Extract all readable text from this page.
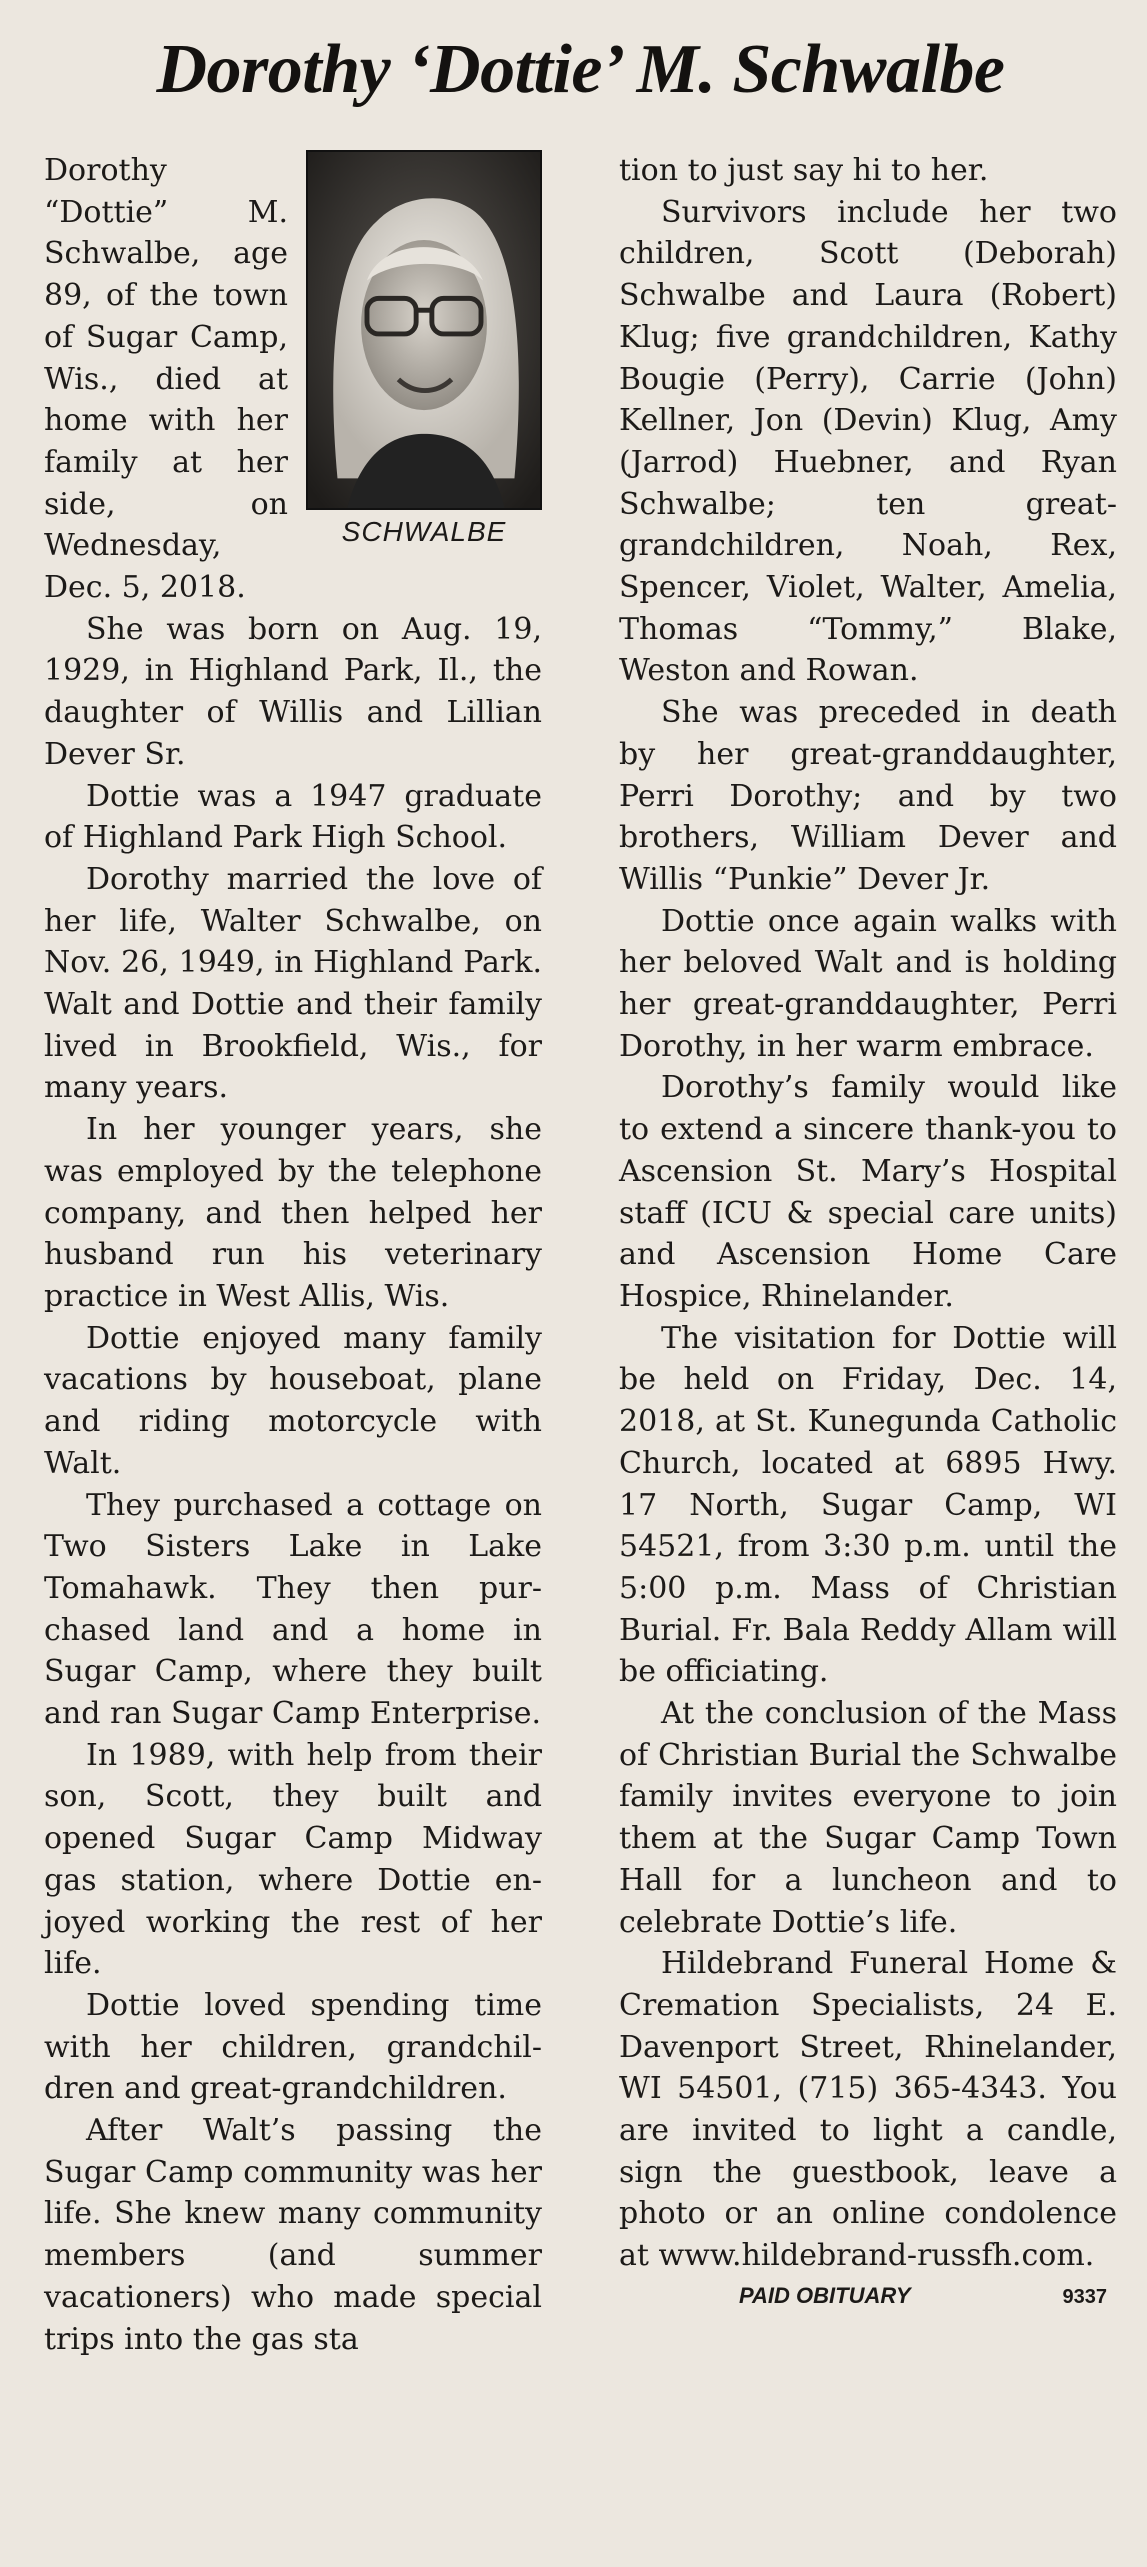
Dorothy ‘Dottie’ M. Schwalbe
SCHWALBE

Dorothy “Dottie” M. Schwalbe, age 89, of the town of Sugar Camp, Wis., died at home with her family at her side, on Wednesday, Dec. 5, 2018.

She was born on Aug. 19, 1929, in Highland Park, Il., the daughter of Willis and Lillian Dever Sr.

Dottie was a 1947 graduate of Highland Park High School.

Dorothy married the love of her life, Walter Schwalbe, on Nov. 26, 1949, in Highland Park. Walt and Dottie and their family lived in Brookfield, Wis., for many years.

In her younger years, she was employed by the telephone company, and then helped her husband run his veterinary practice in West Allis, Wis.

Dottie enjoyed many family vacations by houseboat, plane and riding motorcycle with Walt.

They purchased a cottage on Two Sisters Lake in Lake Tomahawk. They then purchased land and a home in Sugar Camp, where they built and ran Sugar Camp Enterprise.

In 1989, with help from their son, Scott, they built and opened Sugar Camp Midway gas station, where Dottie enjoyed working the rest of her life.

Dottie loved spending time with her children, grandchildren and great-grandchildren.

After Walt’s passing the Sugar Camp community was her life. She knew many community members (and summer vacationers) who made special trips into the gas sta

tion to just say hi to her.

Survivors include her two children, Scott (Deborah) Schwalbe and Laura (Robert) Klug; five grandchildren, Kathy Bougie (Perry), Carrie (John) Kellner, Jon (Devin) Klug, Amy (Jarrod) Huebner, and Ryan Schwalbe; ten great-grandchildren, Noah, Rex, Spencer, Violet, Walter, Amelia, Thomas “Tommy,” Blake, Weston and Rowan.

She was preceded in death by her great-granddaughter, Perri Dorothy; and by two brothers, William Dever and Willis “Punkie” Dever Jr.

Dottie once again walks with her beloved Walt and is holding her great-granddaughter, Perri Dorothy, in her warm embrace.

Dorothy’s family would like to extend a sincere thank-you to Ascension St. Mary’s Hospital staff (ICU & special care units) and Ascension Home Care Hospice, Rhinelander.

The visitation for Dottie will be held on Friday, Dec. 14, 2018, at St. Kunegunda Catholic Church, located at 6895 Hwy. 17 North, Sugar Camp, WI 54521, from 3:30 p.m. until the 5:00 p.m. Mass of Christian Burial. Fr. Bala Reddy Allam will be officiating.

At the conclusion of the Mass of Christian Burial the Schwalbe family invites everyone to join them at the Sugar Camp Town Hall for a luncheon and to celebrate Dottie’s life.

Hildebrand Funeral Home & Cremation Specialists, 24 E. Davenport Street, Rhinelander, WI 54501, (715) 365-4343. You are invited to light a candle, sign the guestbook, leave a photo or an online condolence at www.hildebrand-russfh.com.

PAID OBITUARY	9337
